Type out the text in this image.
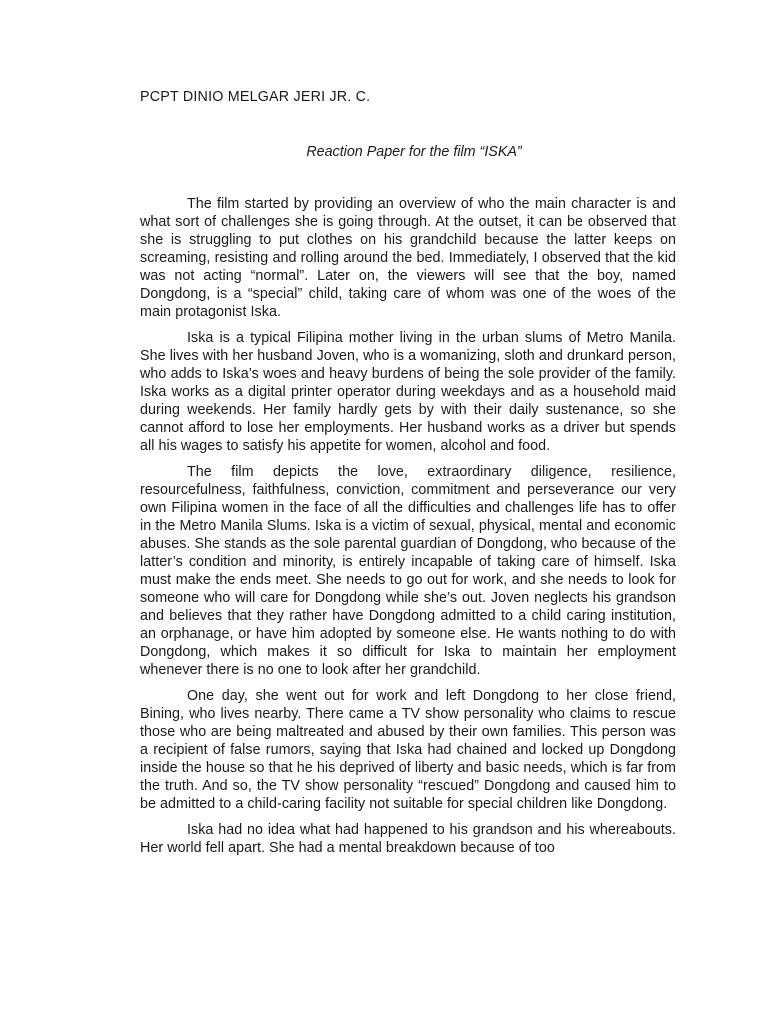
PCPT DINIO MELGAR JERI JR. C.

Reaction Paper for the film “ISKA”

The film started by providing an overview of who the main character is and what sort of challenges she is going through. At the outset, it can be observed that she is struggling to put clothes on his grandchild because the latter keeps on screaming, resisting and rolling around the bed. Immediately, I observed that the kid was not acting “normal”. Later on, the viewers will see that the boy, named Dongdong, is a “special” child, taking care of whom was one of the woes of the main protagonist Iska.

Iska is a typical Filipina mother living in the urban slums of Metro Manila. She lives with her husband Joven, who is a womanizing, sloth and drunkard person, who adds to Iska’s woes and heavy burdens of being the sole provider of the family. Iska works as a digital printer operator during weekdays and as a household maid during weekends. Her family hardly gets by with their daily sustenance, so she cannot afford to lose her employments. Her husband works as a driver but spends all his wages to satisfy his appetite for women, alcohol and food.

The film depicts the love, extraordinary diligence, resilience, resourcefulness, faithfulness, conviction, commitment and perseverance our very own Filipina women in the face of all the difficulties and challenges life has to offer in the Metro Manila Slums. Iska is a victim of sexual, physical, mental and economic abuses. She stands as the sole parental guardian of Dongdong, who because of the latter’s condition and minority, is entirely incapable of taking care of himself. Iska must make the ends meet. She needs to go out for work, and she needs to look for someone who will care for Dongdong while she’s out. Joven neglects his grandson and believes that they rather have Dongdong admitted to a child caring institution, an orphanage, or have him adopted by someone else. He wants nothing to do with Dongdong, which makes it so difficult for Iska to maintain her employment whenever there is no one to look after her grandchild.

One day, she went out for work and left Dongdong to her close friend, Bining, who lives nearby. There came a TV show personality who claims to rescue those who are being maltreated and abused by their own families. This person was a recipient of false rumors, saying that Iska had chained and locked up Dongdong inside the house so that he his deprived of liberty and basic needs, which is far from the truth. And so, the TV show personality “rescued” Dongdong and caused him to be admitted to a child-caring facility not suitable for special children like Dongdong.

Iska had no idea what had happened to his grandson and his whereabouts. Her world fell apart. She had a mental breakdown because of too
